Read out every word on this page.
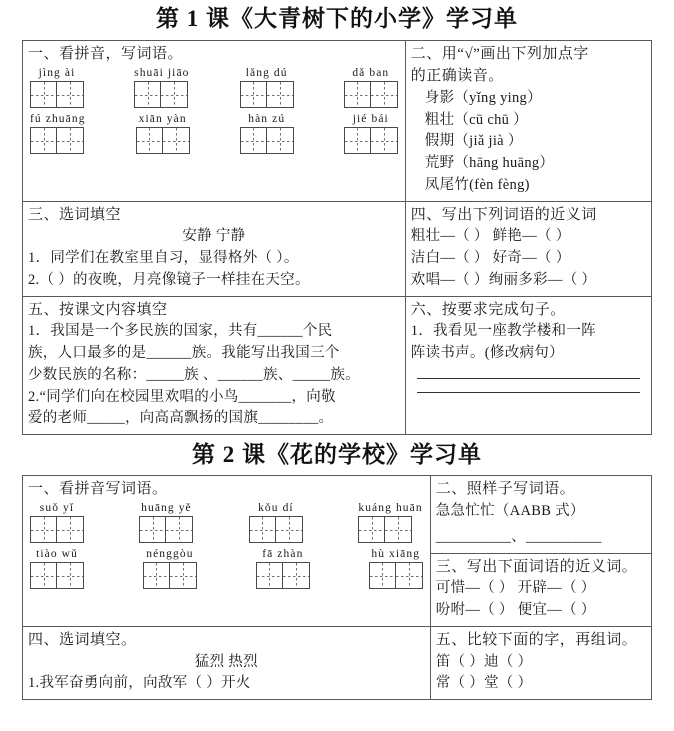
第 1 课《大青树下的小学》学习单
一、看拼音，写词语。
jìng ài	shuāi jiāo	lǎng dú	dǎ ban
fú zhuāng	xiān yàn	hàn zú	jié bái
二、用“√”画出下列加点字
的正确读音。
身影（yǐng ying）
粗壮（cū chū ）
假期（jiǎ jià ）
荒野（hāng huāng）
凤尾竹(fèn fèng)
三、选词填空
安静 宁静
1．同学们在教室里自习，显得格外（ ）。
2.（ ）的夜晚，月亮像镜子一样挂在天空。
四、写出下列词语的近义词
粗壮—（ ） 鲜艳—（ ）
洁白—（ ） 好奇—（ ）
欢唱—（ ）绚丽多彩—（ ）
五、按课文内容填空
1．我国是一个多民族的国家，共有______个民
族，人口最多的是______族。我能写出我国三个
少数民族的名称：_____族 、______族、_____族。
2.“同学们向在校园里欢唱的小鸟_______，向敬
爱的老师_____，向高高飘扬的国旗________。
六、按要求完成句子。
1．我看见一座教学楼和一阵
阵读书声。(修改病句）
第 2 课《花的学校》学习单
一、看拼音写词语。
suǒ yǐ	huāng yě	kǒu dí	kuáng huān
tiào wǔ	nénggòu	fā zhàn	hù xiāng
二、照样子写词语。
急急忙忙（AABB 式）
__________、__________
三、写出下面词语的近义词。
可惜—（ ） 开辟—（ ）
吩咐—（ ） 便宜—（ ）
四、选词填空。
猛烈 热烈
1.我军奋勇向前，向敌军（ ）开火
五、比较下面的字，再组词。
笛（ ）迪（ ）
常（ ）堂（ ）
